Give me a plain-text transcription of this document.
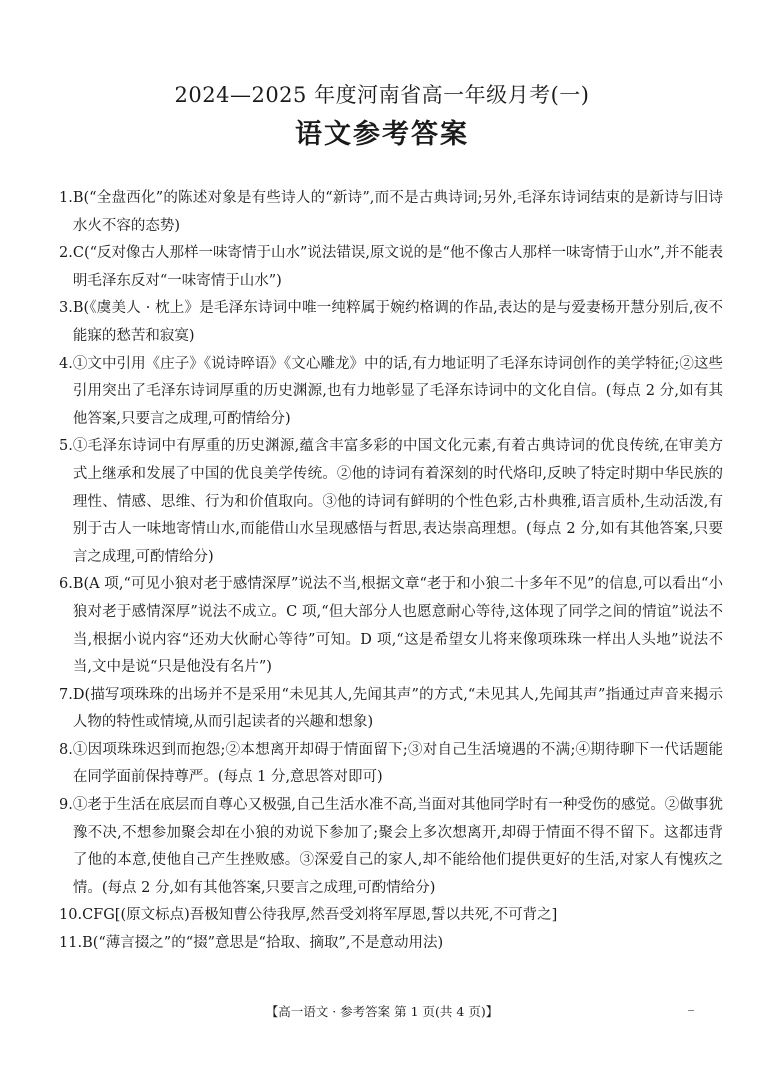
2024—2025 年度河南省高一年级月考(一)
语文参考答案
1. B(“全盘西化”的陈述对象是有些诗人的“新诗”,而不是古典诗词;另外,毛泽东诗词结束的是新诗与旧诗水火不容的态势)
2. C(“反对像古人那样一味寄情于山水”说法错误,原文说的是“他不像古人那样一味寄情于山水”,并不能表明毛泽东反对“一味寄情于山水”)
3. B(《虞美人 · 枕上》是毛泽东诗词中唯一纯粹属于婉约格调的作品,表达的是与爱妻杨开慧分别后,夜不能寐的愁苦和寂寞)
4. ①文中引用《庄子》《说诗晬语》《文心雕龙》中的话,有力地证明了毛泽东诗词创作的美学特征;②这些引用突出了毛泽东诗词厚重的历史渊源,也有力地彰显了毛泽东诗词中的文化自信。(每点 2 分,如有其他答案,只要言之成理,可酌情给分)
5. ①毛泽东诗词中有厚重的历史渊源,蕴含丰富多彩的中国文化元素,有着古典诗词的优良传统,在审美方式上继承和发展了中国的优良美学传统。②他的诗词有着深刻的时代烙印,反映了特定时期中华民族的理性、情感、思维、行为和价值取向。③他的诗词有鲜明的个性色彩,古朴典雅,语言质朴,生动活泼,有别于古人一味地寄情山水,而能借山水呈现感悟与哲思,表达崇高理想。(每点 2 分,如有其他答案,只要言之成理,可酌情给分)
6. B(A 项,“可见小狼对老于感情深厚”说法不当,根据文章“老于和小狼二十多年不见”的信息,可以看出“小狼对老于感情深厚”说法不成立。C 项,“但大部分人也愿意耐心等待,这体现了同学之间的情谊”说法不当,根据小说内容“还劝大伙耐心等待”可知。D 项,“这是希望女儿将来像项珠珠一样出人头地”说法不当,文中是说“只是他没有名片”)
7. D(描写项珠珠的出场并不是采用“未见其人,先闻其声”的方式,“未见其人,先闻其声”指通过声音来揭示人物的特性或情境,从而引起读者的兴趣和想象)
8. ①因项珠珠迟到而抱怨;②本想离开却碍于情面留下;③对自己生活境遇的不满;④期待聊下一代话题能在同学面前保持尊严。(每点 1 分,意思答对即可)
9. ①老于生活在底层而自尊心又极强,自己生活水准不高,当面对其他同学时有一种受伤的感觉。②做事犹豫不决,不想参加聚会却在小狼的劝说下参加了;聚会上多次想离开,却碍于情面不得不留下。这都违背了他的本意,使他自己产生挫败感。③深爱自己的家人,却不能给他们提供更好的生活,对家人有愧疚之情。(每点 2 分,如有其他答案,只要言之成理,可酌情给分)
10. CFG[(原文标点)吾极知曹公待我厚,然吾受刘将军厚恩,誓以共死,不可背之]
11. B(“薄言掇之”的“掇”意思是“拾取、摘取”,不是意动用法)
【高一语文 · 参考答案 第 1 页(共 4 页)】
